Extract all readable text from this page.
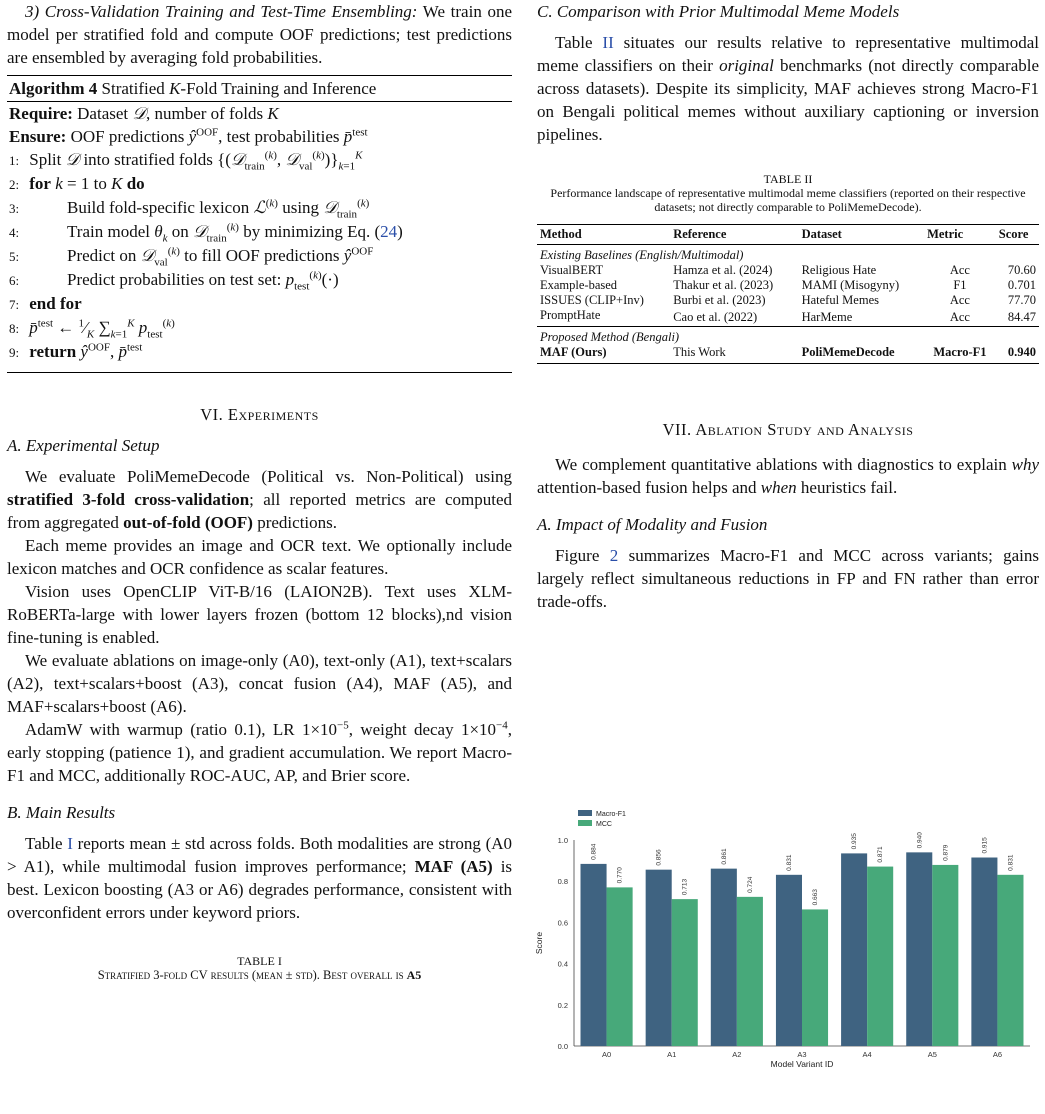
3) Cross-Validation Training and Test-Time Ensembling: We train one model per stratified fold and compute OOF predictions; test predictions are ensembled by averaging fold probabilities.

Algorithm 4 Stratified K-Fold Training and Inference
Require: Dataset 𝒟, number of folds K
Ensure: OOF predictions $ŷ^{OOF}$, test probabilities p̄$^{test}$
1: Split 𝒟 into stratified folds {(𝒟$_{train}^{(k)}$, $𝒟_{val}^{(k)})\}_{k=1}^K$
2: for k = 1 to K do
3:	Build fold-specific lexicon ℒ$^{(k)}$ using 𝒟$_{train}^{(k)}$
4:	Train model $\theta_k$ on 𝒟$_{train}^{(k)}$ by minimizing Eq. (24)
5:	Predict on 𝒟$_{val}^{(k)}$ to fill OOF predictions $ŷ^{OOF}$
6:	Predict probabilities on test set: $p_{test}^{(k)}(\cdot)$
7: end for
8: p̄$^{test}$ ← $^1⁄_K$ $\sum_{k=1}^K$ $p_{test}^{(k)}$
9: return $ŷ^{OOF}$, p̄$^{test}$
VI. Experiments
A. Experimental Setup

We evaluate PoliMemeDecode (Political vs. Non-Political) using stratified 3-fold cross-validation; all reported metrics are computed from aggregated out-of-fold (OOF) predictions.

Each meme provides an image and OCR text. We optionally include lexicon matches and OCR confidence as scalar features.

Vision uses OpenCLIP ViT-B/16 (LAION2B). Text uses XLM-RoBERTa-large with lower layers frozen (bottom 12 blocks),nd vision fine-tuning is enabled.

We evaluate ablations on image-only (A0), text-only (A1), text+scalars (A2), text+scalars+boost (A3), concat fusion (A4), MAF (A5), and MAF+scalars+boost (A6).

AdamW with warmup (ratio 0.1), LR $1\times 10^{-5}$, weight decay $1\times 10^{-4}$, early stopping (patience 1), and gradient accumulation. We report Macro-F1 and MCC, additionally ROC-AUC, AP, and Brier score.

B. Main Results

Table I reports mean ± std across folds. Both modalities are strong (A0 > A1), while multimodal fusion improves performance; MAF (A5) is best. Lexicon boosting (A3 or A6) degrades performance, consistent with overconfident errors under keyword priors.

TABLE I
Stratified 3-fold CV results (mean ± std). Best overall is A5
C. Comparison with Prior Multimodal Meme Models

Table II situates our results relative to representative multimodal meme classifiers on their original benchmarks (not directly comparable across datasets). Despite its simplicity, MAF achieves strong Macro-F1 on Bengali political memes without auxiliary captioning or inversion pipelines.

TABLE II
Performance landscape of representative multimodal meme classifiers (reported on their respective datasets; not directly comparable to PoliMemeDecode).
Method	Reference	Dataset	Metric	Score
Existing Baselines (English/Multimodal)				
VisualBERT	Hamza et al. (2024)	Religious Hate	Acc	70.60
Example-based	Thakur et al. (2023)	MAMI (Misogyny)	F1	0.701
ISSUES (CLIP+Inv)	Burbi et al. (2023)	Hateful Memes	Acc	77.70
PromptHate	Cao et al. (2022)	HarMeme	Acc	84.47
Proposed Method (Bengali)				
MAF (Ours)	This Work	PoliMemeDecode	Macro-F1	0.940
VII. Ablation Study and Analysis

We complement quantitative ablations with diagnostics to explain why attention-based fusion helps and when heuristics fail.

A. Impact of Modality and Fusion

Figure 2 summarizes Macro-F1 and MCC across variants; gains largely reflect simultaneous reductions in FP and FN rather than error trade-offs.

0.0
0.2
0.4
0.6
0.8
1.0
Score
0.884
0.770
A0
0.856
0.713
A1
0.861
0.724
A2
0.831
0.663
A3
0.935
0.871
A4
0.940
0.879
A5
0.915
0.831
A6
Model Variant ID
Macro-F1
MCC
